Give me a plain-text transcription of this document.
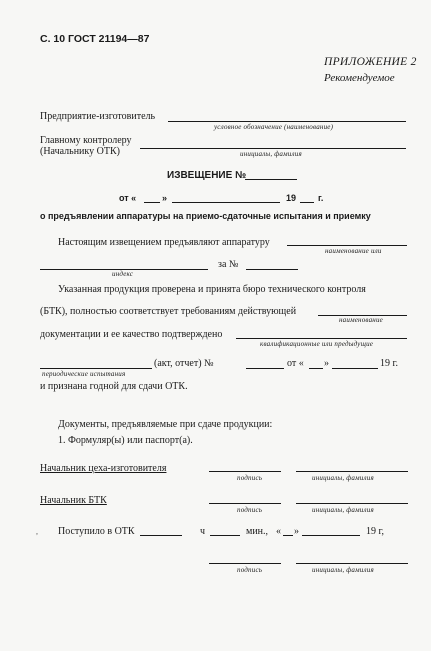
С. 10 ГОСТ 21194—87
ПРИЛОЖЕНИЕ 2
Рекомендуемое
Предприятие-изготовитель
условное обозначение (наименование)
Главному контролеру
(Начальнику ОТК)	инициалы, фамилия
ИЗВЕЩЕНИЕ №
от «	»	19 г.
о предъявлении аппаратуры на приемо-сдаточные испытания и приемку
Настоящим извещением предъявляют аппаратуру
наименование или
за №
индекс
Указанная продукция проверена и принята бюро технического контроля
(БТК), полностью соответствует требованиям действующей
наименование
документации и ее качество подтверждено
квалификационные или предыдущие
(акт, отчет) №	от « »	19 г.
периодические испытания
и признана годной для сдачи ОТК.
Документы, предъявляемые при сдаче продукции:
1. Формуляр(ы) или паспорт(а).
Начальник цеха-изготовителя
подпись	инициалы, фамилия
Начальник БТК
подпись	инициалы, фамилия
, Поступило в ОТК	ч	мин., « »	19 г,
подпись	инициалы, фамилия
